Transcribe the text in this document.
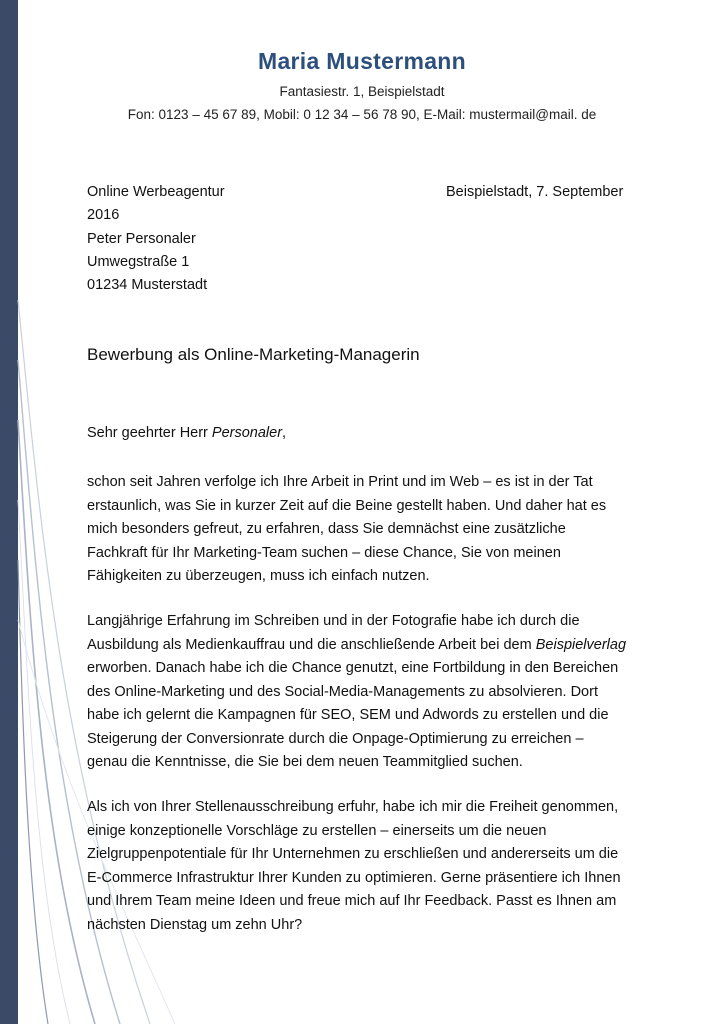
Maria Mustermann
Fantasiestr. 1, Beispielstadt
Fon: 0123 – 45 67 89, Mobil: 0 12 34 – 56 78 90, E-Mail: mustermail@mail. de
Online Werbeagentur
2016
Peter Personaler
Umwegstraße 1
01234 Musterstadt
Beispielstadt, 7. September
Bewerbung als Online-Marketing-Managerin
Sehr geehrter Herr Personaler,
schon seit Jahren verfolge ich Ihre Arbeit in Print und im Web – es ist in der Tat
erstaunlich, was Sie in kurzer Zeit auf die Beine gestellt haben. Und daher hat es
mich besonders gefreut, zu erfahren, dass Sie demnächst eine zusätzliche
Fachkraft für Ihr Marketing-Team suchen – diese Chance, Sie von meinen
Fähigkeiten zu überzeugen, muss ich einfach nutzen.
Langjährige Erfahrung im Schreiben und in der Fotografie habe ich durch die
Ausbildung als Medienkauffrau und die anschließende Arbeit bei dem Beispielverlag
erworben. Danach habe ich die Chance genutzt, eine Fortbildung in den Bereichen
des Online-Marketing und des Social-Media-Managements zu absolvieren. Dort
habe ich gelernt die Kampagnen für SEO, SEM und Adwords zu erstellen und die
Steigerung der Conversionrate durch die Onpage-Optimierung zu erreichen –
genau die Kenntnisse, die Sie bei dem neuen Teammitglied suchen.
Als ich von Ihrer Stellenausschreibung erfuhr, habe ich mir die Freiheit genommen,
einige konzeptionelle Vorschläge zu erstellen – einerseits um die neuen
Zielgruppenpotentiale für Ihr Unternehmen zu erschließen und andererseits um die
E-Commerce Infrastruktur Ihrer Kunden zu optimieren. Gerne präsentiere ich Ihnen
und Ihrem Team meine Ideen und freue mich auf Ihr Feedback. Passt es Ihnen am
nächsten Dienstag um zehn Uhr?
